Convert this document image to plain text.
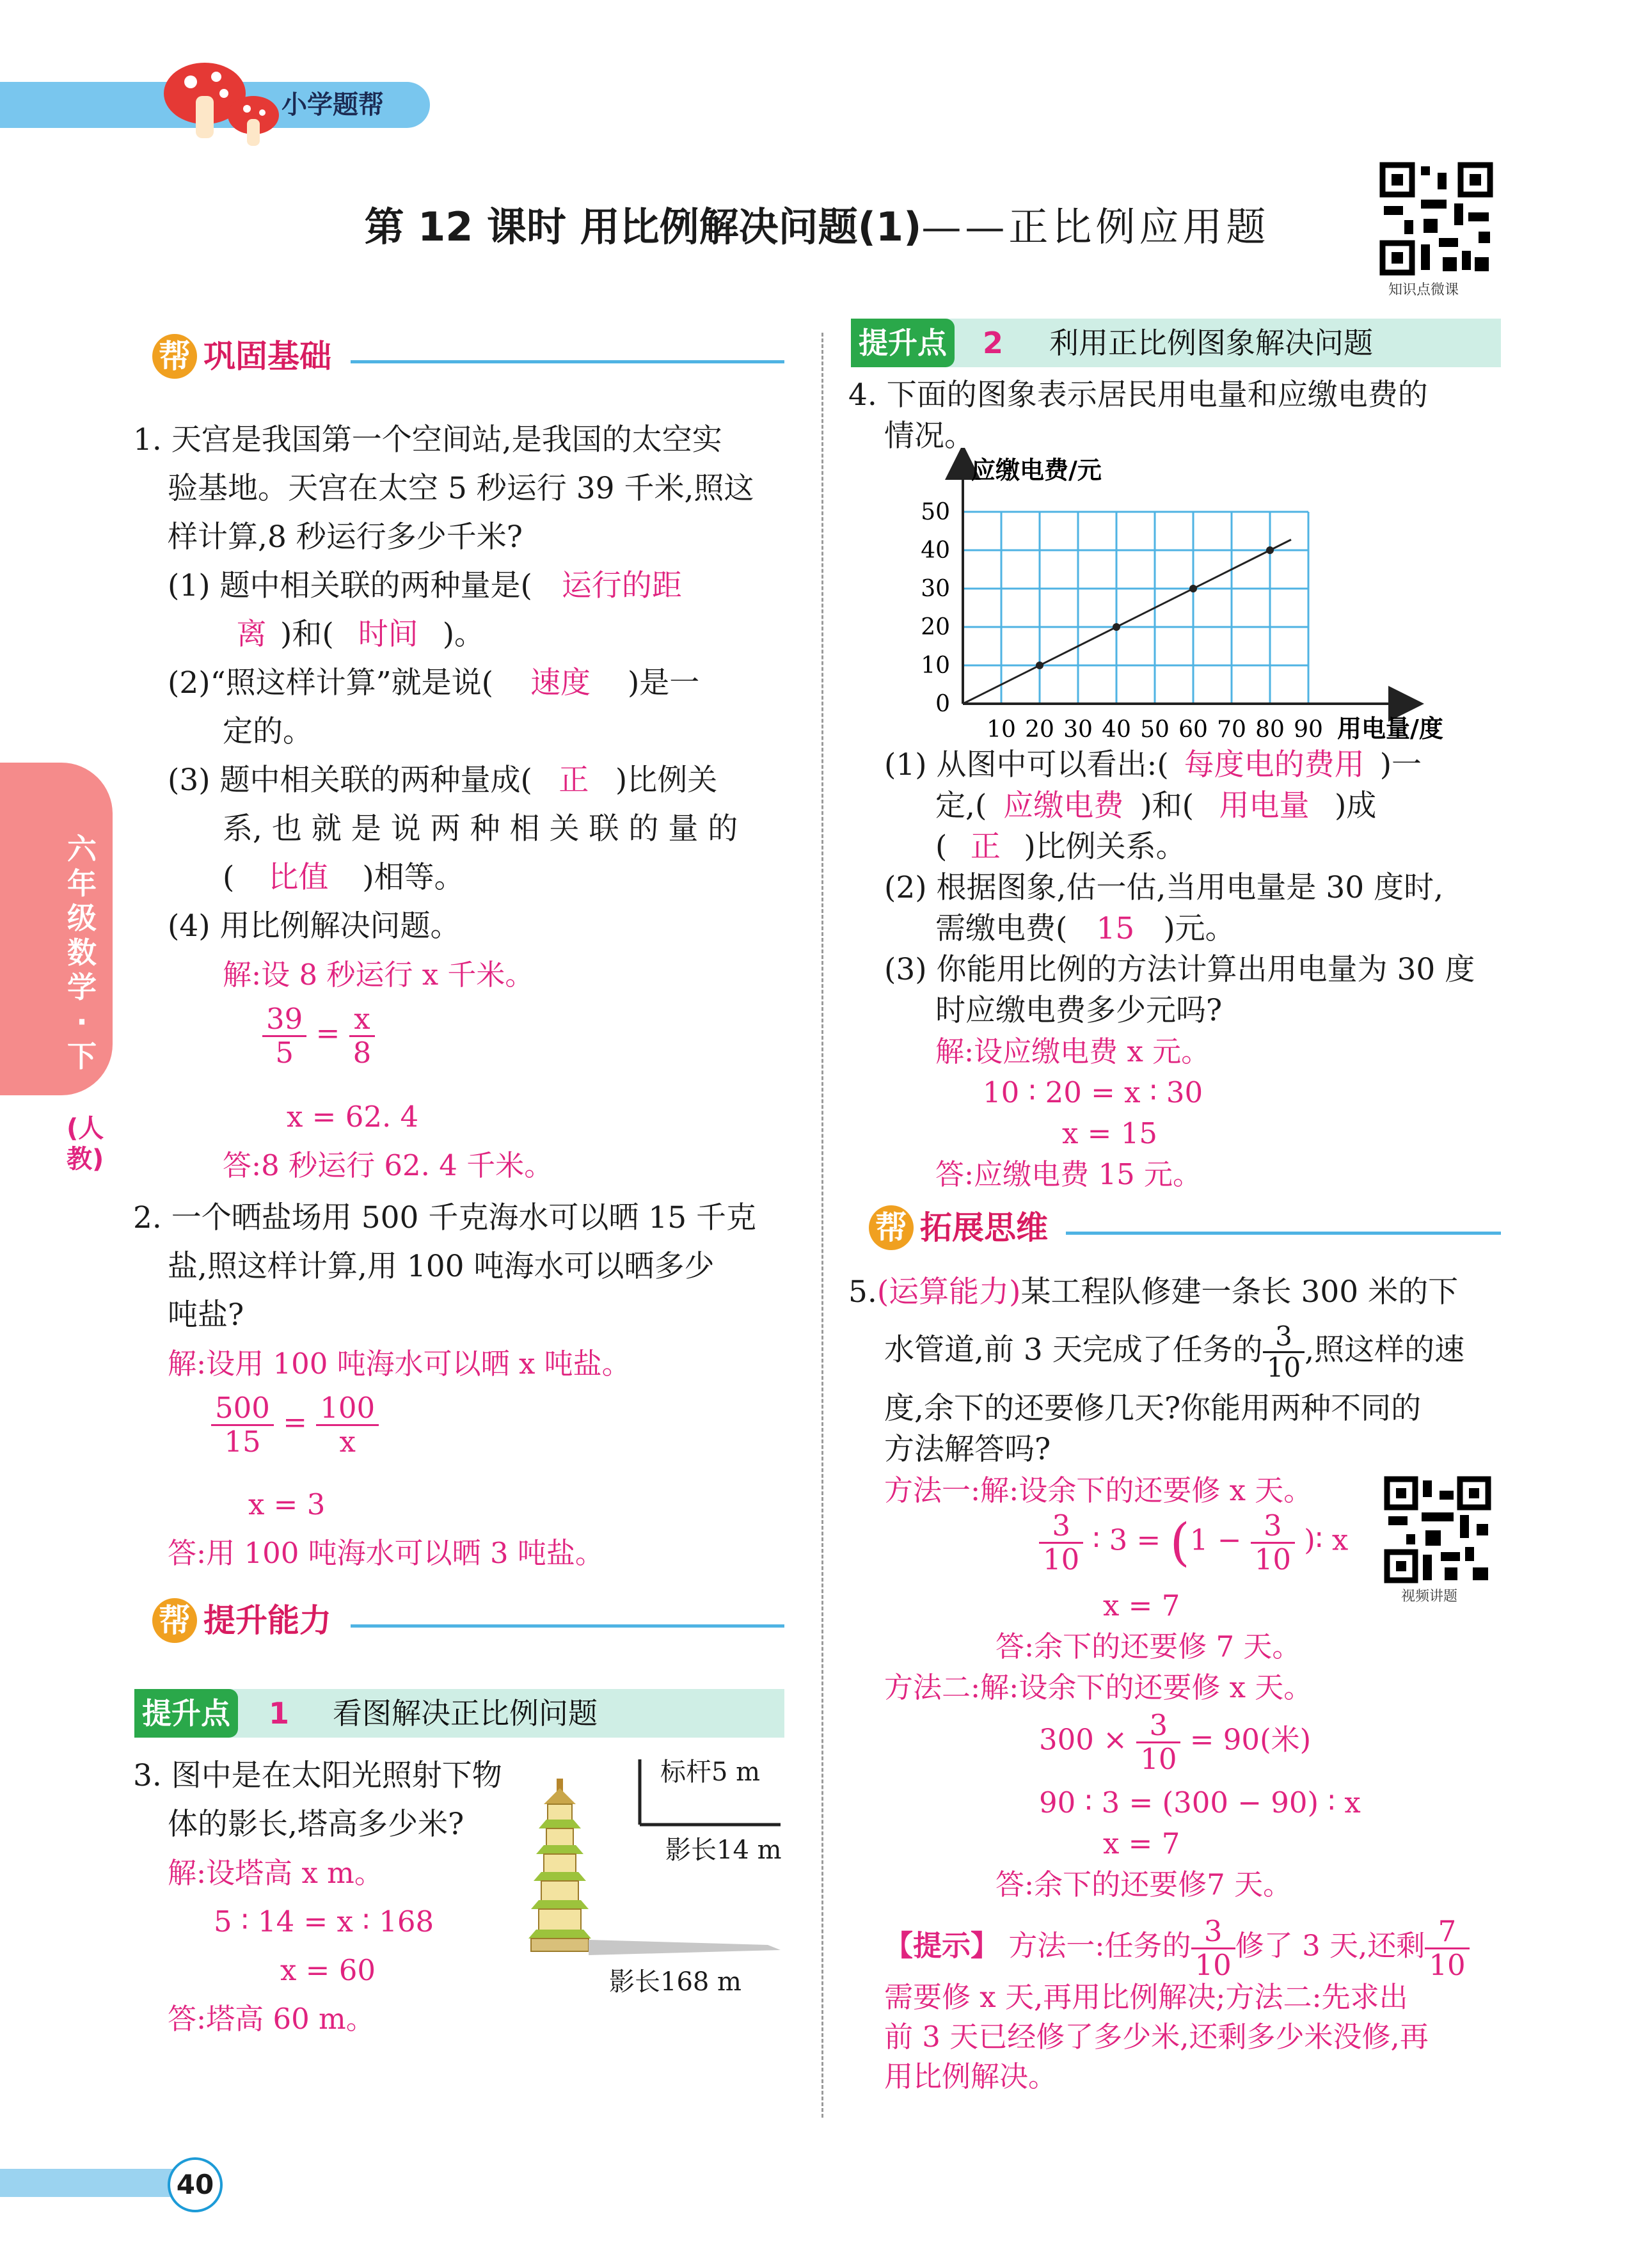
小学题帮
第 12 课时 用比例解决问题(1)——正比例应用题
知识点微课
六年级数学·下
(人教)
帮 巩固基础
1. 天宫是我国第一个空间站,是我国的太空实
验基地。天宫在太空 5 秒运行 39 千米,照这
样计算,8 秒运行多少千米?
(1) 题中相关联的两种量是( 运行的距
离 )和( 时间 )。
(2)“照这样计算”就是说( 速度 )是一
定的。
(3) 题中相关联的两种量成( 正 )比例关
系, 也 就 是 说 两 种 相 关 联 的 量 的
( 比值 )相等。
(4) 用比例解决问题。
解:设 8 秒运行 x 千米。
$\frac{39}{5} = \frac{x}{8}$
x = 62. 4
答:8 秒运行 62. 4 千米。
2. 一个晒盐场用 500 千克海水可以晒 15 千克
盐,照这样计算,用 100 吨海水可以晒多少
吨盐?
解:设用 100 吨海水可以晒 x 吨盐。
$\frac{500}{15} = \frac{100}{x}$
x = 3
答:用 100 吨海水可以晒 3 吨盐。
帮 提升能力
提升点 1 看图解决正比例问题
3. 图中是在太阳光照射下物
体的影长,塔高多少米?
解:设塔高 x m。
5 ∶ 14 = x ∶ 168
x = 60
答:塔高 60 m。
标杆5 m
影长14 m
影长168 m
提升点 2 利用正比例图象解决问题
4. 下面的图象表示居民用电量和应缴电费的
情况。
10 20 30 40 50 60 70 80 90
0
10
20
30
40
50
应缴电费/元
用电量/度
(1) 从图中可以看出:( 每度电的费用 )一
定,( 应缴电费 )和( 用电量 )成
( 正 )比例关系。
(2) 根据图象,估一估,当用电量是 30 度时,
需缴电费( 15 )元。
(3) 你能用比例的方法计算出用电量为 30 度
时应缴电费多少元吗?
解:设应缴电费 x 元。
10 ∶ 20 = x ∶ 30
x = 15
答:应缴电费 15 元。
帮 拓展思维
5.(运算能力)某工程队修建一条长 300 米的下
水管道,前 3 天完成了任务的 $\frac{3}{10}$ ,照这样的速
度,余下的还要修几天?你能用两种不同的
方法解答吗?
方法一:解:设余下的还要修 x 天。
$\frac{3}{10}$ ∶ $3 = (1 - \frac{3}{10}$ )∶ x
x = 7
答:余下的还要修 7 天。
视频讲题
方法二:解:设余下的还要修 x 天。
$300 \times \frac{3}{10} = 90$(米)
90 ∶ 3 = (300 − 90) ∶ x
x = 7
答:余下的还要修7 天。
【提示】 方法一:任务的 $\frac{3}{10}$ 修了 3 天,还剩 $\frac{7}{10}$
需要修 x 天,再用比例解决;方法二:先求出
前 3 天已经修了多少米,还剩多少米没修,再
用比例解决。
40
